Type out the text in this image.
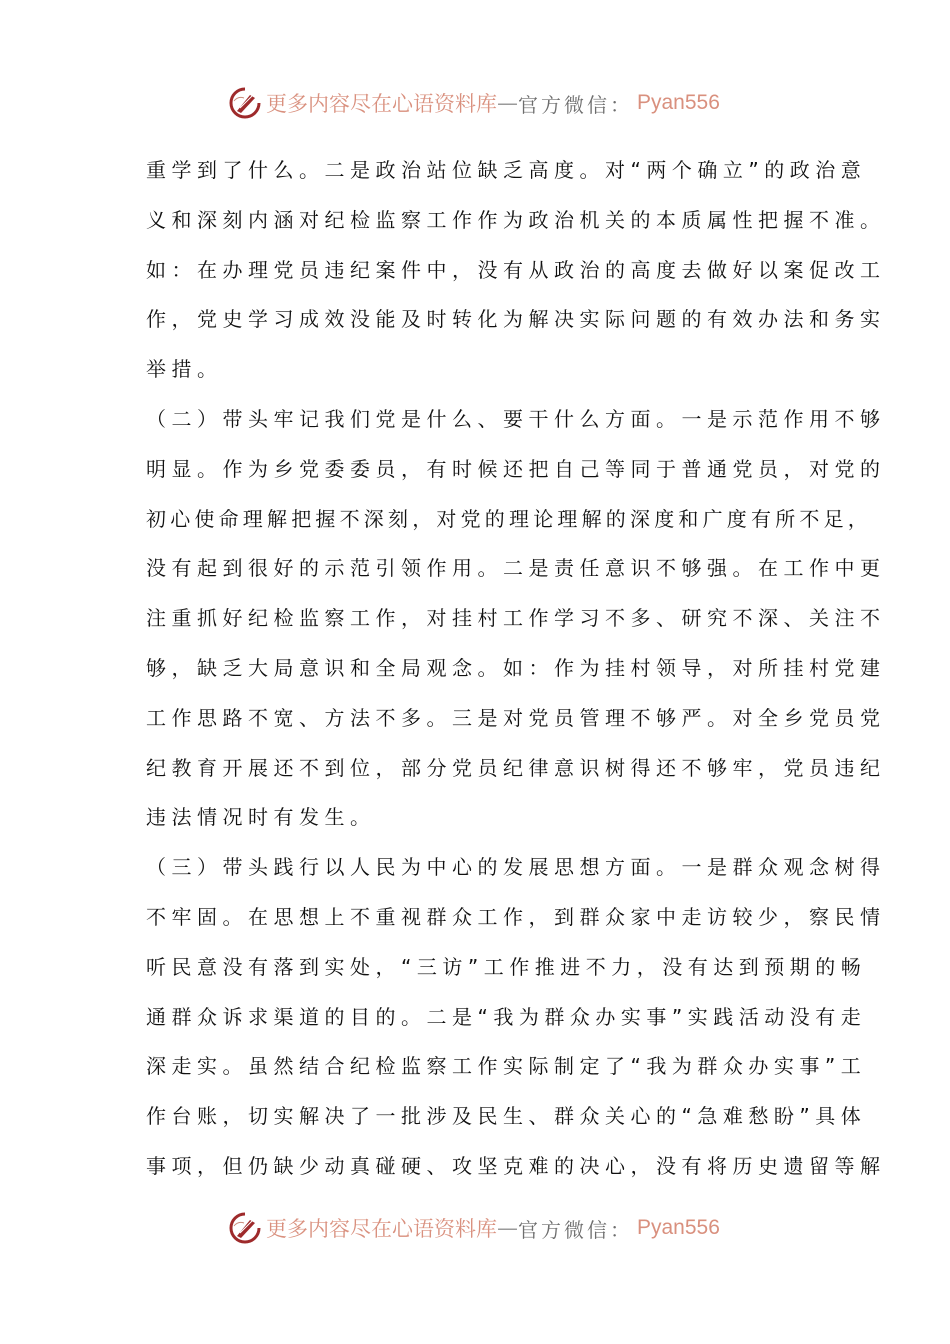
更多内容尽在心语资料库 — 官方微信： Pyan556
重学到了什么。二是政治站位缺乏高度。对“两个确立”的政治意
义和深刻内涵对纪检监察工作作为政治机关的本质属性把握不准。
如：在办理党员违纪案件中，没有从政治的高度去做好以案促改工
作，党史学习成效没能及时转化为解决实际问题的有效办法和务实
举措。
（二）带头牢记我们党是什么、要干什么方面。一是示范作用不够
明显。作为乡党委委员，有时候还把自己等同于普通党员，对党的
初心使命理解把握不深刻，对党的理论理解的深度和广度有所不足，
没有起到很好的示范引领作用。二是责任意识不够强。在工作中更
注重抓好纪检监察工作，对挂村工作学习不多、研究不深、关注不
够，缺乏大局意识和全局观念。如：作为挂村领导，对所挂村党建
工作思路不宽、方法不多。三是对党员管理不够严。对全乡党员党
纪教育开展还不到位，部分党员纪律意识树得还不够牢，党员违纪
违法情况时有发生。
（三）带头践行以人民为中心的发展思想方面。一是群众观念树得
不牢固。在思想上不重视群众工作，到群众家中走访较少，察民情
听民意没有落到实处，“三访”工作推进不力，没有达到预期的畅
通群众诉求渠道的目的。二是“我为群众办实事”实践活动没有走
深走实。虽然结合纪检监察工作实际制定了“我为群众办实事”工
作台账，切实解决了一批涉及民生、群众关心的“急难愁盼”具体
事项，但仍缺少动真碰硬、攻坚克难的决心，没有将历史遗留等解
更多内容尽在心语资料库 — 官方微信： Pyan556
